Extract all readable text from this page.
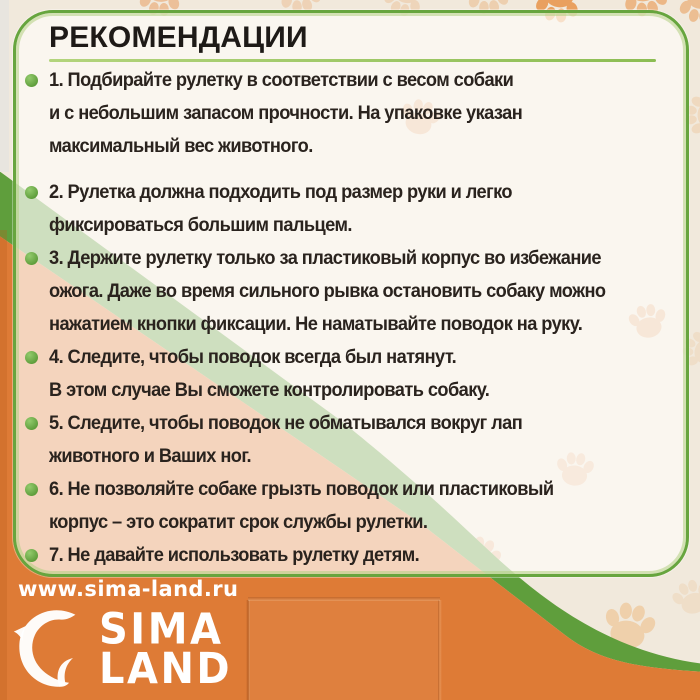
РЕКОМЕНДАЦИИ
1. Подбирайте рулетку в соответствии с весом собаки
и с небольшим запасом прочности. На упаковке указан
максимальный вес животного.
2. Рулетка должна подходить под размер руки и легко
фиксироваться большим пальцем.
3. Держите рулетку только за пластиковый корпус во избежание
ожога. Даже во время сильного рывка остановить собаку можно
нажатием кнопки фиксации. Не наматывайте поводок на руку.
4. Следите, чтобы поводок всегда был натянут.
В этом случае Вы сможете контролировать собаку.
5. Следите, чтобы поводок не обматывался вокруг лап
животного и Ваших ног.
6. Не позволяйте собаке грызть поводок или пластиковый
корпус – это сократит срок службы рулетки.
7. Не давайте использовать рулетку детям.
www.sima-land.ru
SIMA
LAND
